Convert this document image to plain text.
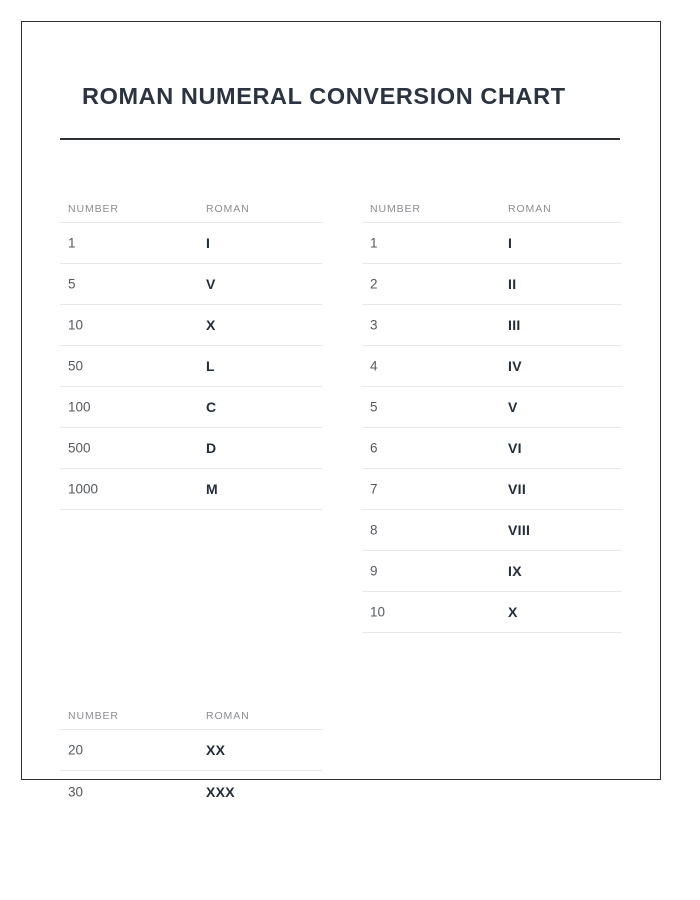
ROMAN NUMERAL CONVERSION CHART
NUMBER	ROMAN
1	I
5	V
10	X
50	L
100	C
500	D
1000	M
NUMBER	ROMAN
1	I
2	II
3	III
4	IV
5	V
6	VI
7	VII
8	VIII
9	IX
10	X
NUMBER	ROMAN
20	XX
30	XXX
